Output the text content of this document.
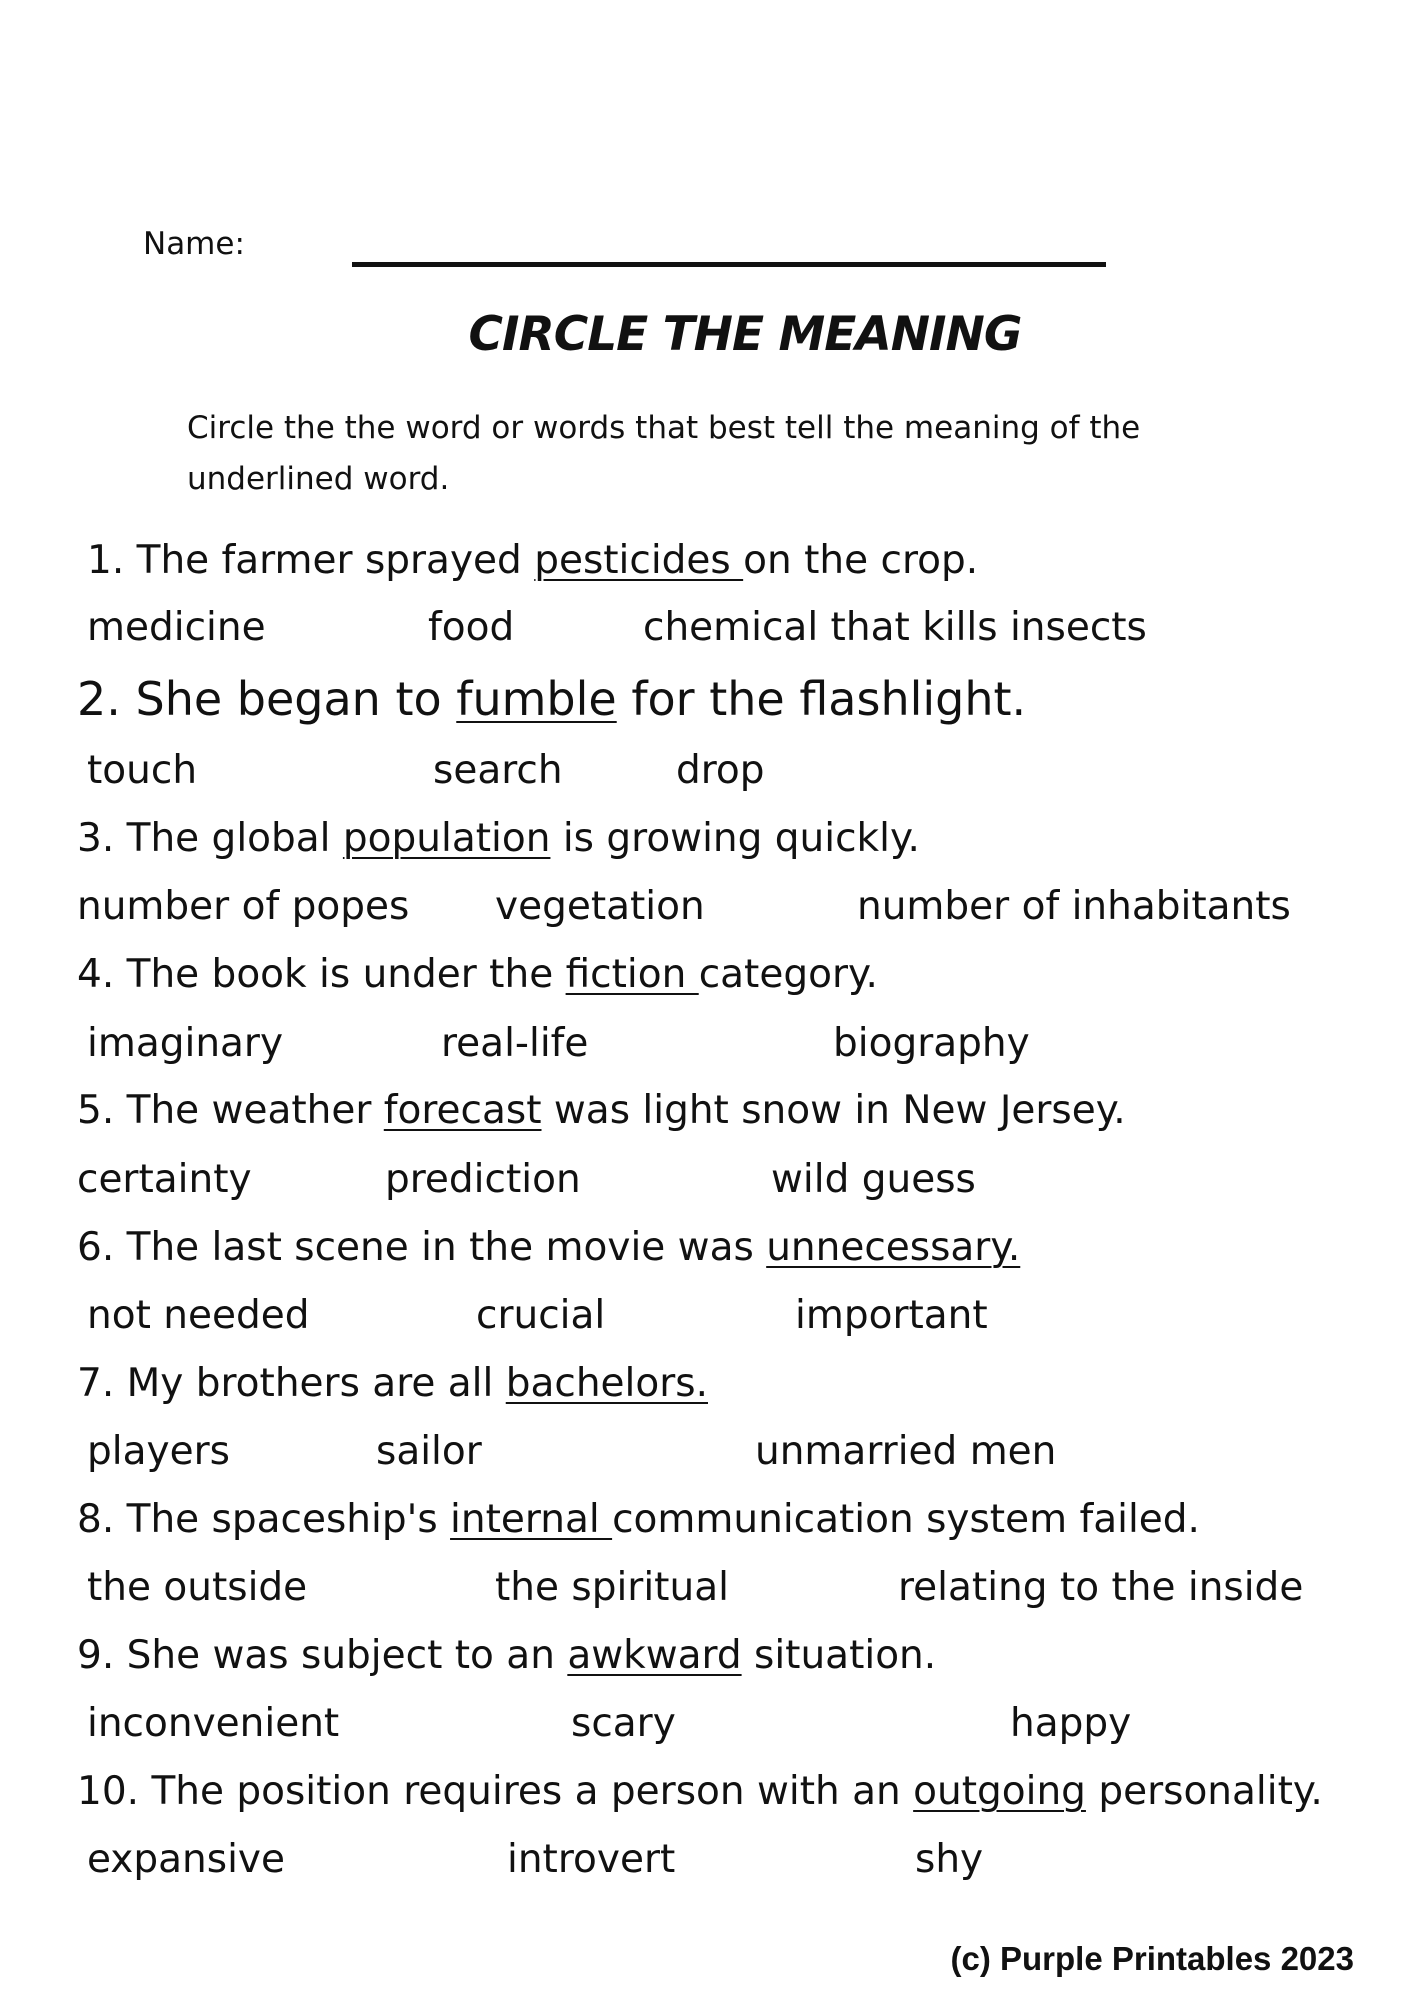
Name:
CIRCLE THE MEANING
Circle the the word or words that best tell the meaning of the underlined word.
1. The farmer sprayed pesticides on the crop.
medicine	food	chemical that kills insects
2. She began to fumble for the flashlight.
touch	search	drop
3. The global population is growing quickly.
number of popes vegetation	number of inhabitants
4. The book is under the fiction category.
imaginary	real-life	biography
5. The weather forecast was light snow in New Jersey.
certainty	prediction	wild guess
6. The last scene in the movie was unnecessary.
not needed	crucial	important
7. My brothers are all bachelors.
players	sailor	unmarried men
8. The spaceship's internal communication system failed.
the outside	the spiritual	relating to the inside
9. She was subject to an awkward situation.
inconvenient	scary	happy
10. The position requires a person with an outgoing personality.
expansive	introvert	shy
(c) Purple Printables 2023
